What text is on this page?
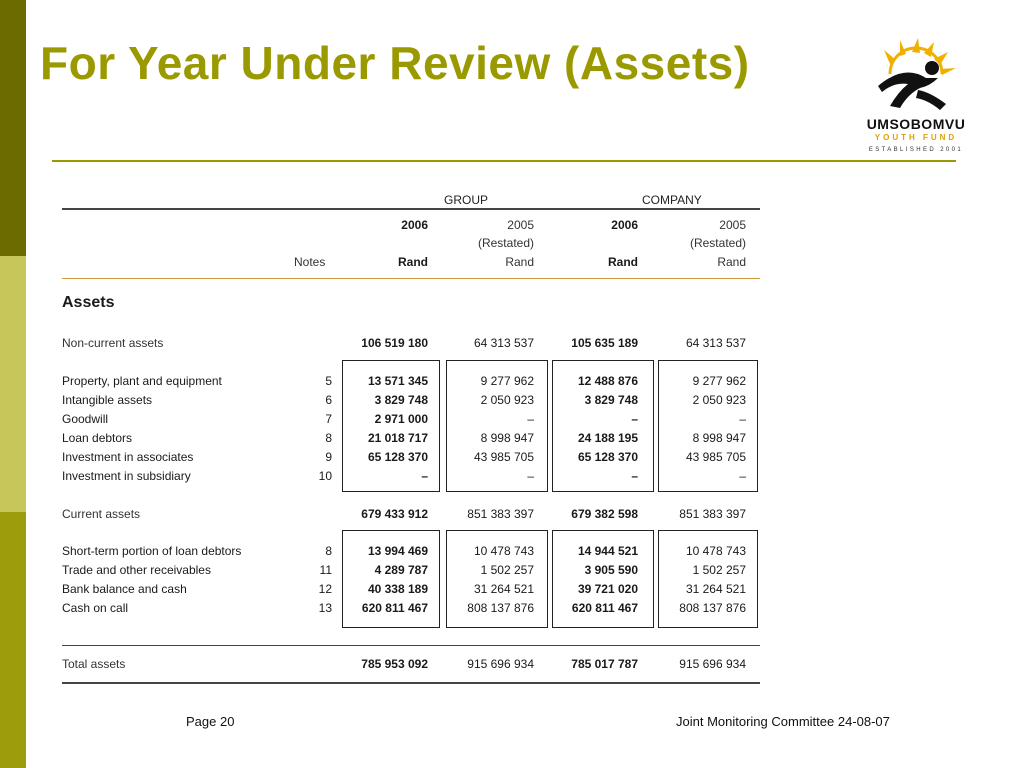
For Year Under Review (Assets)
UMSOBOMVU
YOUTH FUND
ESTABLISHED 2001
GROUP	COMPANY
2006	2005	2006	2005
(Restated)	(Restated)
Notes	Rand	Rand	Rand	Rand
Assets
Non-current assets	106 519 180	64 313 537	105 635 189	64 313 537
Property, plant and equipment	5	13 571 345	9 277 962	12 488 876	9 277 962
Intangible assets	6	3 829 748	2 050 923	3 829 748	2 050 923
Goodwill	7	2 971 000	–	–	–
Loan debtors	8	21 018 717	8 998 947	24 188 195	8 998 947
Investment in associates	9	65 128 370	43 985 705	65 128 370	43 985 705
Investment in subsidiary	10	–	–	–	–
Current assets	679 433 912	851 383 397	679 382 598	851 383 397
Short-term portion of loan debtors	8	13 994 469	10 478 743	14 944 521	10 478 743
Trade and other receivables	11	4 289 787	1 502 257	3 905 590	1 502 257
Bank balance and cash	12	40 338 189	31 264 521	39 721 020	31 264 521
Cash on call	13	620 811 467	808 137 876	620 811 467	808 137 876
Total assets	785 953 092	915 696 934	785 017 787	915 696 934
Page 20	Joint Monitoring Committee 24-08-07
